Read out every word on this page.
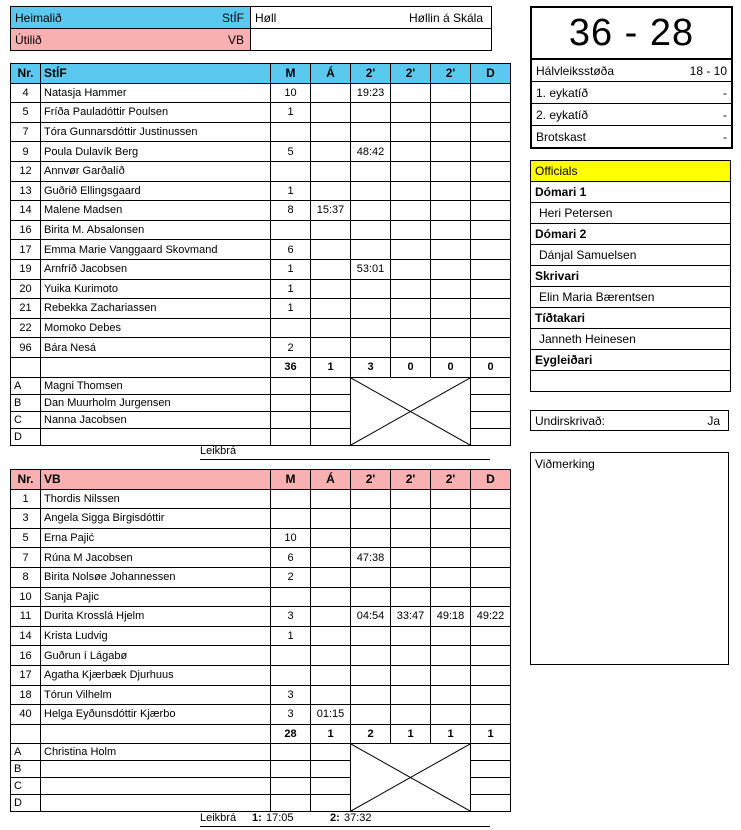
Heimalið	StÍF Høll	Høllin á Skála
Útilið	VB
Nr.	StÍF	M	Á	2'	2'	2'	D
4	Natasja Hammer	10		19:23			
5	Fríða Pauladóttir Poulsen	1					
7	Tóra Gunnarsdóttir Justinussen						
9	Poula Dulavík Berg	5		48:42			
12	Annvør Garðalíð						
13	Guðrið Ellingsgaard	1					
14	Malene Madsen	8	15:37				
16	Birita M. Absalonsen						
17	Emma Marie Vanggaard Skovmand	6					
19	Arnfríð Jacobsen	1		53:01			
20	Yuika Kurimoto	1					
21	Rebekka Zachariassen	1					
22	Momoko Debes						
96	Bára Nesá	2					
		36	1	3	0	0	0
A	Magni Thomsen			

B	Dan Muurholm Jurgensen						
C	Nanna Jacobsen						
D							
Leikbrá
Nr.	VB	M	Á	2'	2'	2'	D
1	Thordis Nilssen						
3	Angela Sigga Birgisdóttir						
5	Erna Pajić	10					
7	Rúna M Jacobsen	6		47:38			
8	Birita Nolsøe Johannessen	2					
10	Sanja Pajic						
11	Durita Krosslá Hjelm	3		04:54	33:47	49:18	49:22
14	Krista Ludvig	1					
16	Guðrun í Lágabø						
17	Agatha Kjærbæk Djurhuus						
18	Tórun Vilhelm	3					
40	Helga Eyðunsdóttir Kjærbo	3	01:15				
		28	1	2	1	1	1
A	Christina Holm			

B							
C							
D							
Leikbrá 1: 17:05	2: 37:32
36 - 28
Hálvleiksstøða	18 - 10
1. eykatíð	-
2. eykatíð	-
Brotskast	-
Officials
Dómari 1
Heri Petersen
Dómari 2
Dánjal Samuelsen
Skrivari
Elin Maria Bærentsen
Tíðtakari
Janneth Heinesen
Eygleiðari
Undirskrivað:	Ja
Viðmerking
